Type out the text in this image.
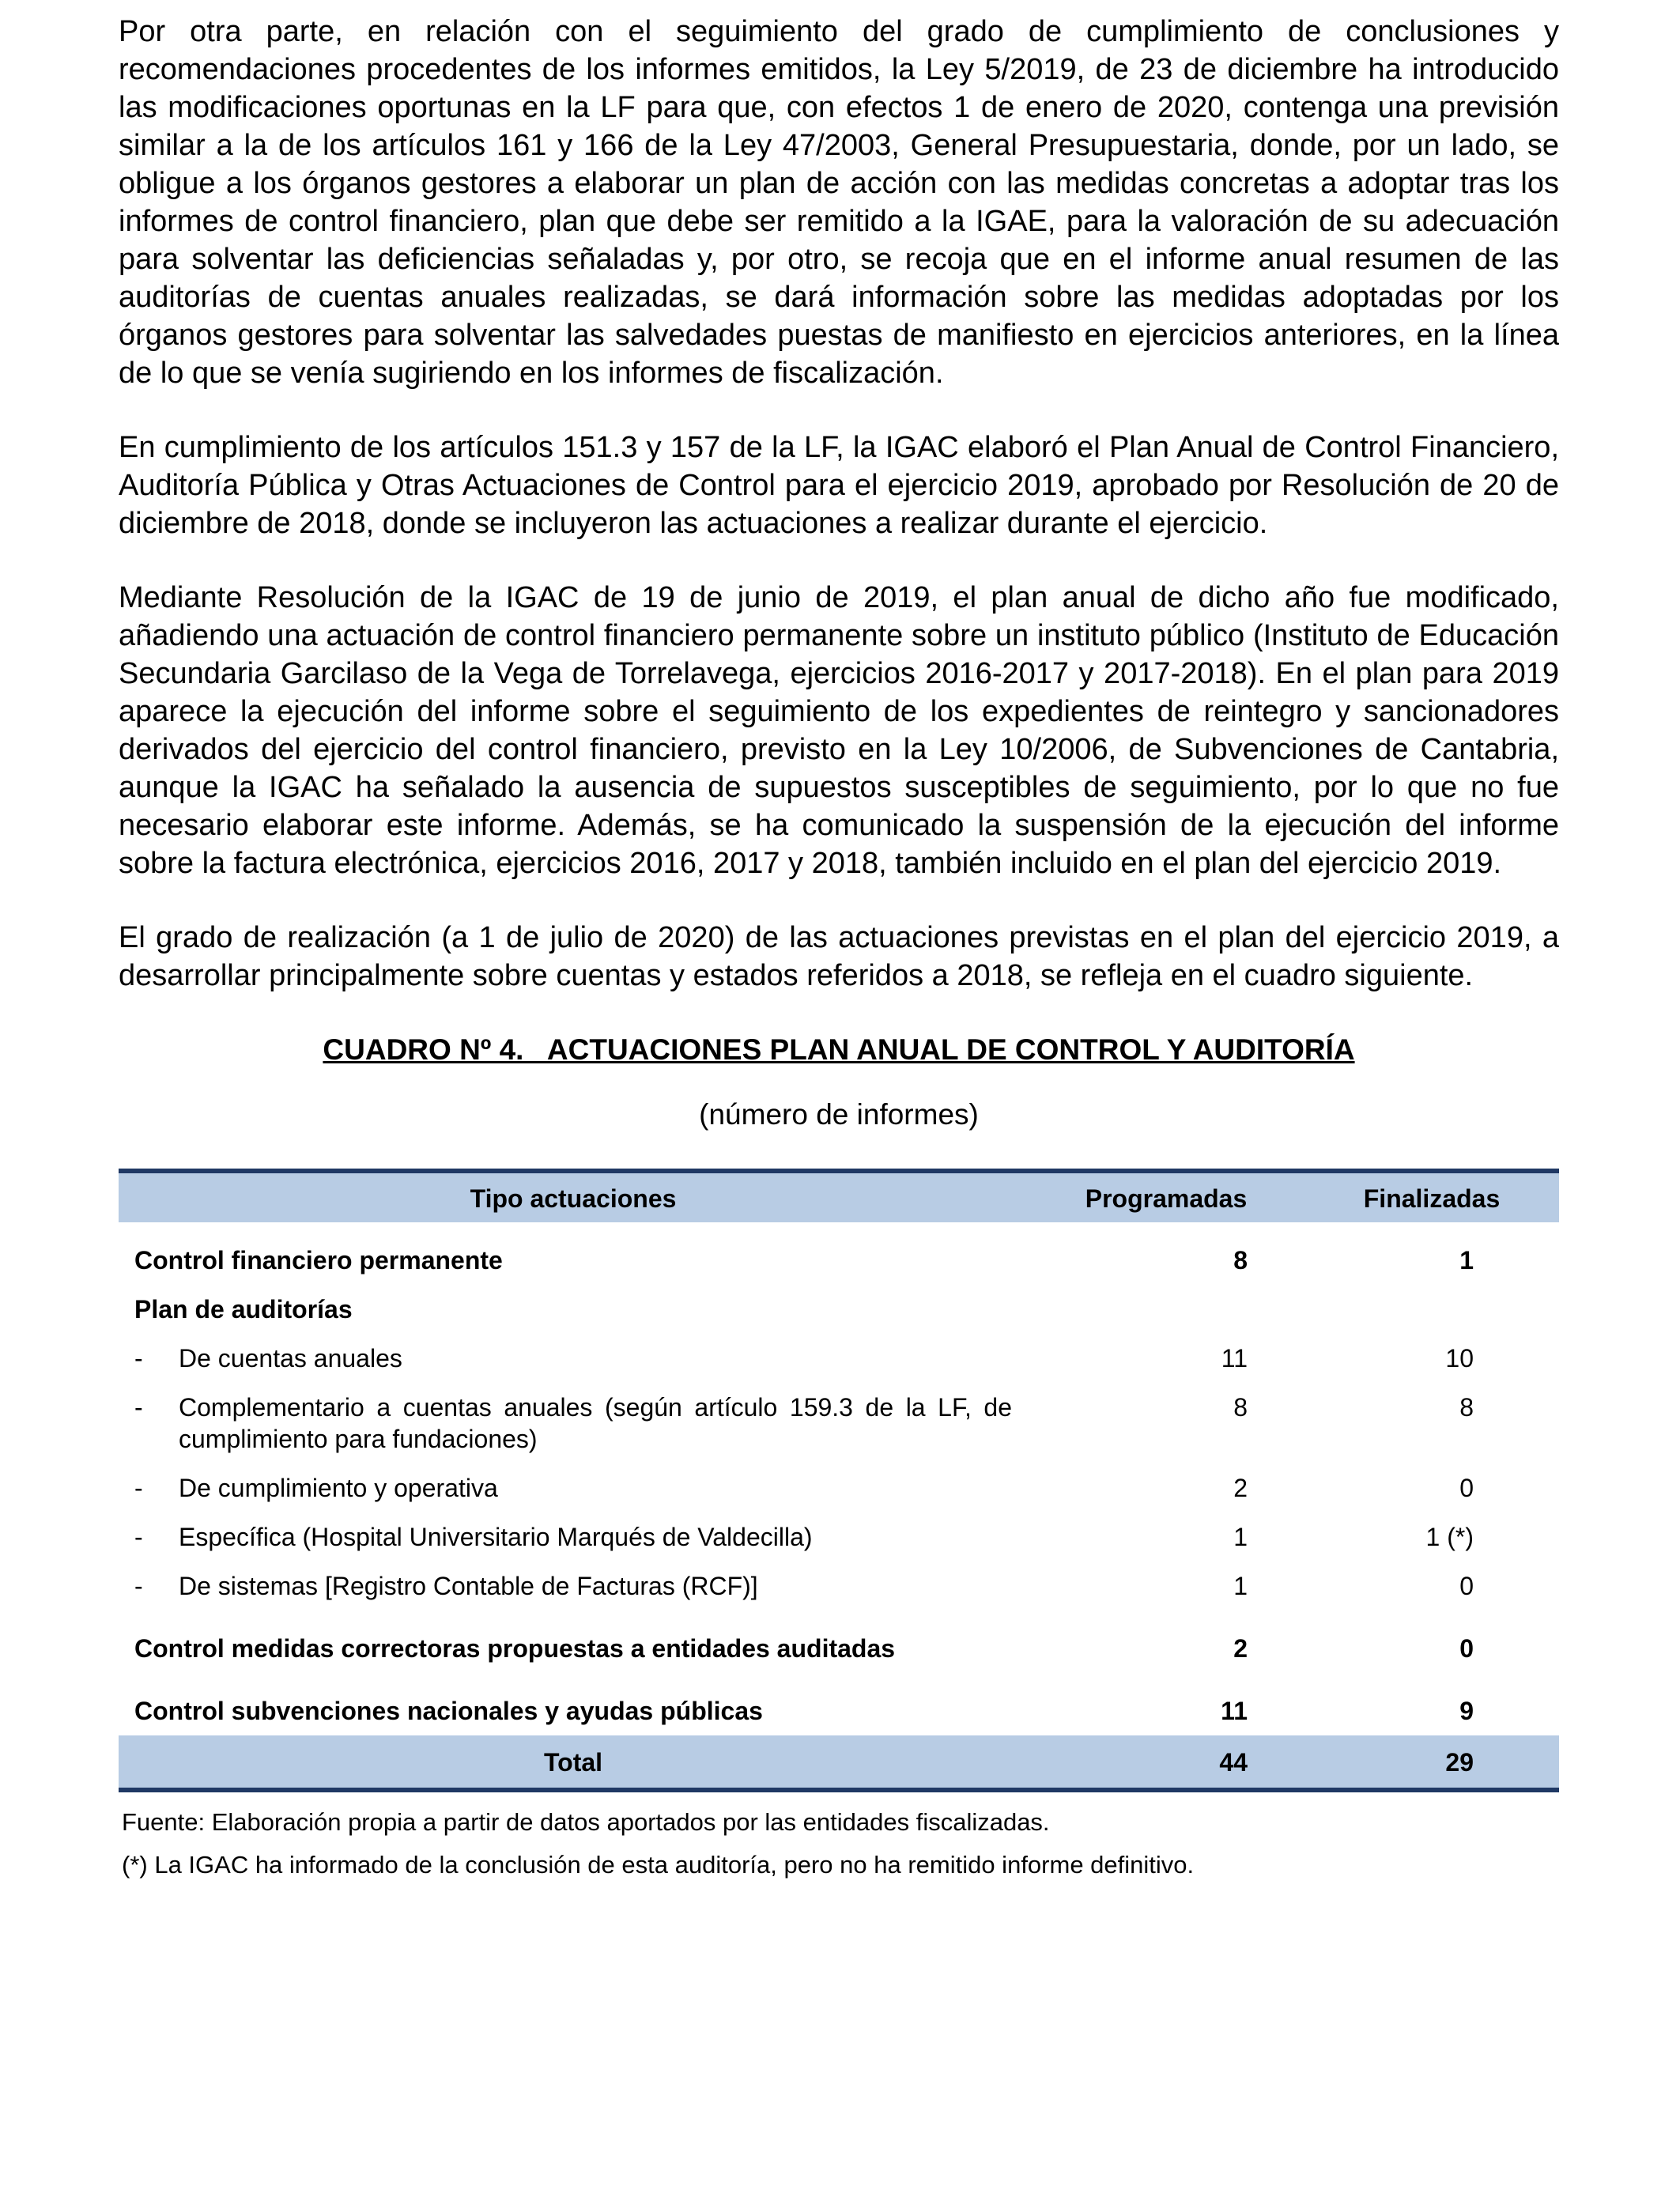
Por otra parte, en relación con el seguimiento del grado de cumplimiento de conclusiones y recomendaciones procedentes de los informes emitidos, la Ley 5/2019, de 23 de diciembre ha introducido las modificaciones oportunas en la LF para que, con efectos 1 de enero de 2020, contenga una previsión similar a la de los artículos 161 y 166 de la Ley 47/2003, General Presupuestaria, donde, por un lado, se obligue a los órganos gestores a elaborar un plan de acción con las medidas concretas a adoptar tras los informes de control financiero, plan que debe ser remitido a la IGAE, para la valoración de su adecuación para solventar las deficiencias señaladas y, por otro, se recoja que en el informe anual resumen de las auditorías de cuentas anuales realizadas, se dará información sobre las medidas adoptadas por los órganos gestores para solventar las salvedades puestas de manifiesto en ejercicios anteriores, en la línea de lo que se venía sugiriendo en los informes de fiscalización.

En cumplimiento de los artículos 151.3 y 157 de la LF, la IGAC elaboró el Plan Anual de Control Financiero, Auditoría Pública y Otras Actuaciones de Control para el ejercicio 2019, aprobado por Resolución de 20 de diciembre de 2018, donde se incluyeron las actuaciones a realizar durante el ejercicio.

Mediante Resolución de la IGAC de 19 de junio de 2019, el plan anual de dicho año fue modificado, añadiendo una actuación de control financiero permanente sobre un instituto público (Instituto de Educación Secundaria Garcilaso de la Vega de Torrelavega, ejercicios 2016-2017 y 2017-2018). En el plan para 2019 aparece la ejecución del informe sobre el seguimiento de los expedientes de reintegro y sancionadores derivados del ejercicio del control financiero, previsto en la Ley 10/2006, de Subvenciones de Cantabria, aunque la IGAC ha señalado la ausencia de supuestos susceptibles de seguimiento, por lo que no fue necesario elaborar este informe. Además, se ha comunicado la suspensión de la ejecución del informe sobre la factura electrónica, ejercicios 2016, 2017 y 2018, también incluido en el plan del ejercicio 2019.

El grado de realización (a 1 de julio de 2020) de las actuaciones previstas en el plan del ejercicio 2019, a desarrollar principalmente sobre cuentas y estados referidos a 2018, se refleja en el cuadro siguiente.

CUADRO Nº 4.   ACTUACIONES PLAN ANUAL DE CONTROL Y AUDITORÍA
(número de informes)
Tipo actuaciones	Programadas	Finalizadas
Control financiero permanente	8	1
Plan de auditorías		

- De cuentas anuales	11	10

- Complementario a cuentas anuales (según artículo 159.3 de la LF, de cumplimiento para fundaciones)	8	8

- De cumplimiento y operativa	2	0

- Específica (Hospital Universitario Marqués de Valdecilla)	1	1 (*)

- De sistemas [Registro Contable de Facturas (RCF)]	1	0
Control medidas correctoras propuestas a entidades auditadas	2	0
Control subvenciones nacionales y ayudas públicas	11	9
Total	44	29
Fuente: Elaboración propia a partir de datos aportados por las entidades fiscalizadas.
(*) La IGAC ha informado de la conclusión de esta auditoría, pero no ha remitido informe definitivo.
